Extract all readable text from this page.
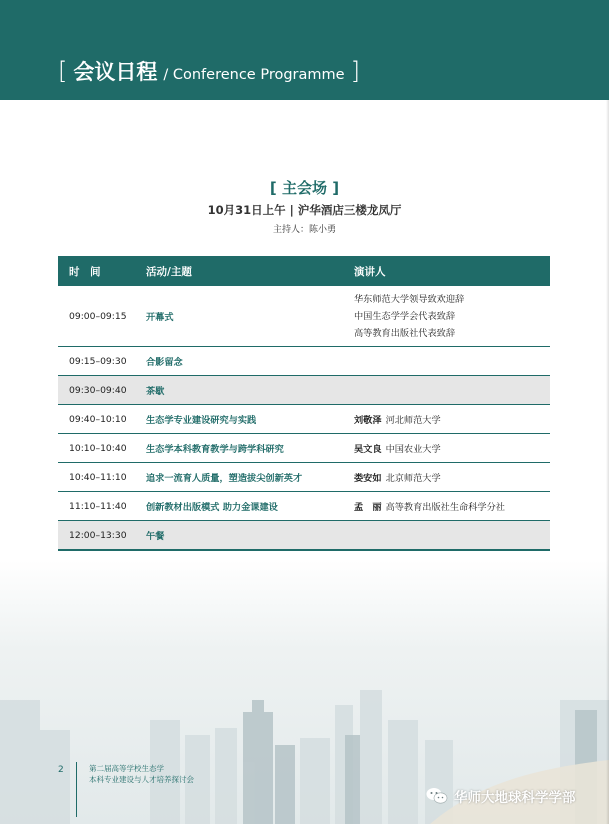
[ 会议日程 / Conference Programme ]
[ 主会场 ]
10月31日上午 | 沪华酒店三楼龙凤厅
主持人：陈小勇
时　间	活动/主题	演讲人
09:00–09:15	开幕式	华东师范大学领导致欢迎辞
中国生态学学会代表致辞
高等教育出版社代表致辞

09:15–09:30	合影留念	
09:30–09:40	茶歇	
09:40–10:10	生态学专业建设研究与实践	刘敬泽 河北师范大学
10:10–10:40	生态学本科教育教学与跨学科研究	吴文良 中国农业大学
10:40–11:10	追求一流育人质量，塑造拔尖创新英才	娄安如 北京师范大学
11:10–11:40	创新教材出版模式 助力金课建设	孟　丽 高等教育出版社生命科学分社
12:00–13:30	午餐	
2	第二届高等学校生态学
本科专业建设与人才培养探讨会
华师大地球科学学部
